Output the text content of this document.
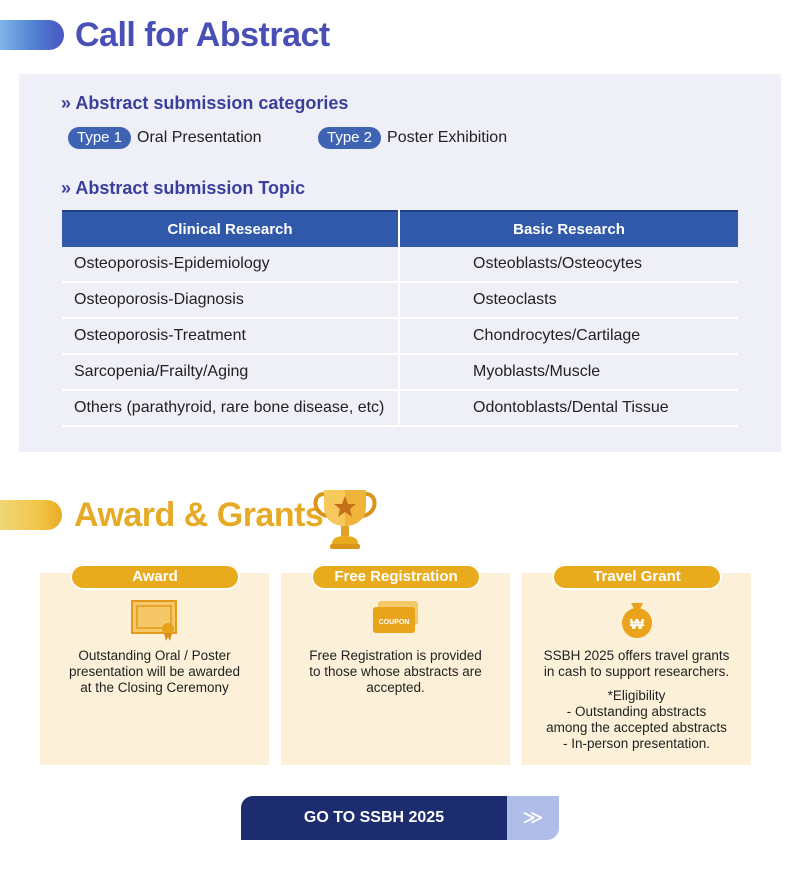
Call for Abstract
» Abstract submission categories
Type 1 Oral Presentation	Type 2 Poster Exhibition
» Abstract submission Topic
Clinical Research	Basic Research
Osteoporosis-Epidemiology	Osteoblasts/Osteocytes
Osteoporosis-Diagnosis	Osteoclasts
Osteoporosis-Treatment	Chondrocytes/Cartilage
Sarcopenia/Frailty/Aging	Myoblasts/Muscle
Others (parathyroid, rare bone disease, etc)	Odontoblasts/Dental Tissue
Award & Grants
Award

Outstanding Oral / Poster

presentation will be awarded

at the Closing Ceremony

Free Registration
COUPON

Free Registration is provided

to those whose abstracts are

accepted.

Travel Grant
₩

SSBH 2025 offers travel grants

in cash to support researchers.

*Eligibility

- Outstanding abstracts

among the accepted abstracts

- In-person presentation.

GO TO SSBH 2025	≫
